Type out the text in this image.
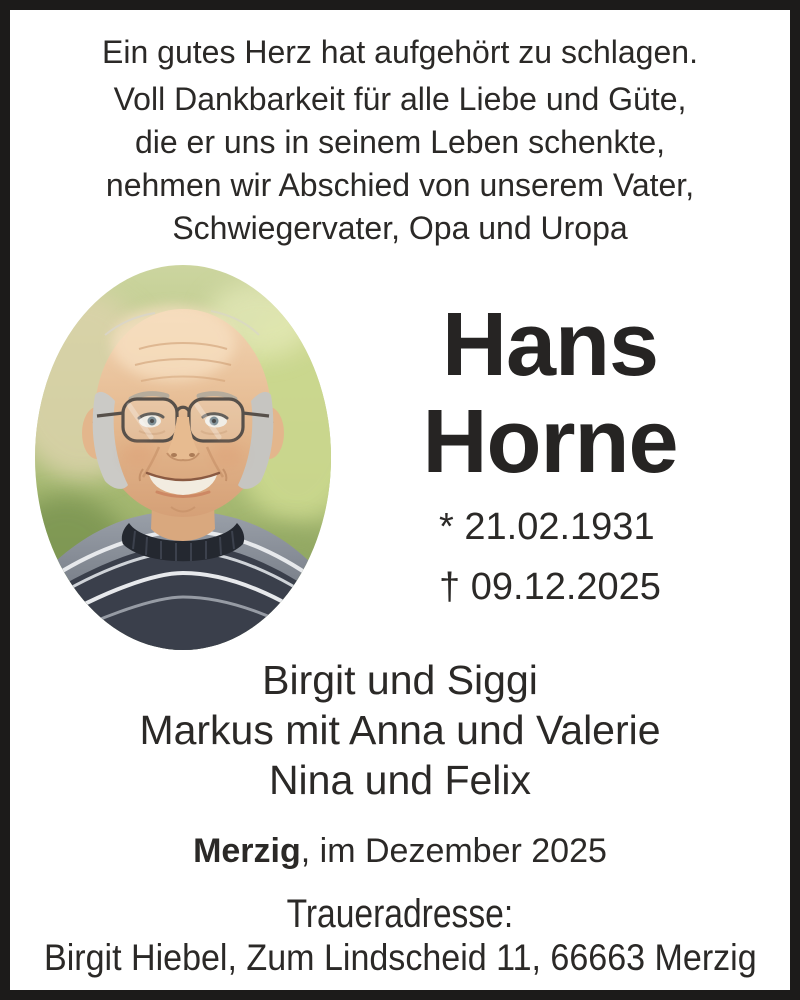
Ein gutes Herz hat aufgehört zu schlagen.

Voll Dankbarkeit für alle Liebe und Güte,

die er uns in seinem Leben schenkte,

nehmen wir Abschied von unserem Vater,

Schwiegervater, Opa und Uropa

Hans
Horne
* 21.02.1931
† 09.12.2025

Birgit und Siggi

Markus mit Anna und Valerie

Nina und Felix

Merzig, im Dezember 2025

Traueradresse:

Birgit Hiebel, Zum Lindscheid 11, 66663 Merzig
